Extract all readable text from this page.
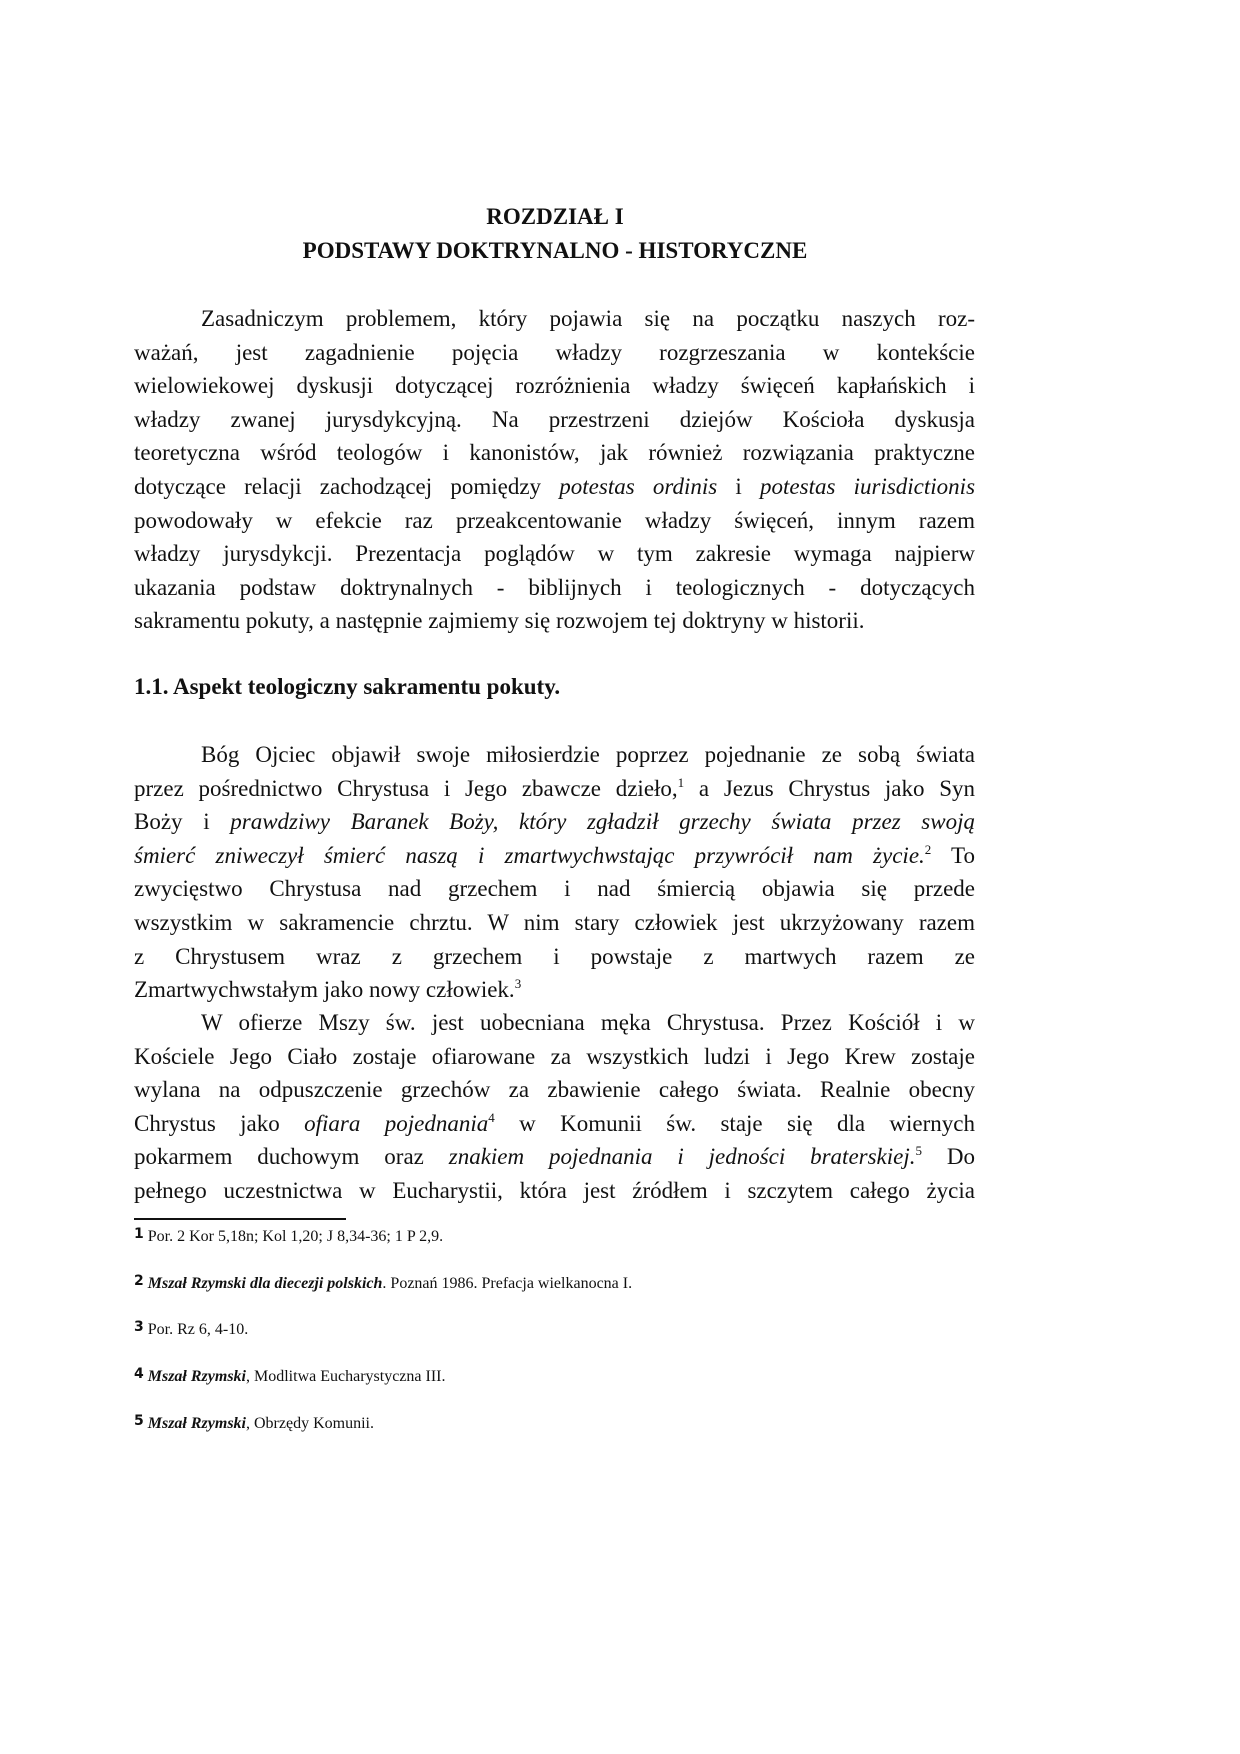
ROZDZIAŁ I
PODSTAWY DOKTRYNALNO - HISTORYCZNE
Zasadniczym problemem, który pojawia się na początku naszych roz-
ważań, jest zagadnienie pojęcia władzy rozgrzeszania w kontekście
wielowiekowej dyskusji dotyczącej rozróżnienia władzy święceń kapłańskich i
władzy zwanej jurysdykcyjną. Na przestrzeni dziejów Kościoła dyskusja
teoretyczna wśród teologów i kanonistów, jak również rozwiązania praktyczne
dotyczące relacji zachodzącej pomiędzy potestas ordinis i potestas iurisdictionis
powodowały w efekcie raz przeakcentowanie władzy święceń, innym razem
władzy jurysdykcji. Prezentacja poglądów w tym zakresie wymaga najpierw
ukazania podstaw doktrynalnych - biblijnych i teologicznych - dotyczących
sakramentu pokuty, a następnie zajmiemy się rozwojem tej doktryny w historii.
1.1. Aspekt teologiczny sakramentu pokuty.
Bóg Ojciec objawił swoje miłosierdzie poprzez pojednanie ze sobą świata
przez pośrednictwo Chrystusa i Jego zbawcze dzieło,$^1$ a Jezus Chrystus jako Syn
Boży i prawdziwy Baranek Boży, który zgładził grzechy świata przez swoją
śmierć zniweczył śmierć naszą i zmartwychwstając przywrócił nam życie.$^2$ To
zwycięstwo Chrystusa nad grzechem i nad śmiercią objawia się przede
wszystkim w sakramencie chrztu. W nim stary człowiek jest ukrzyżowany razem
z Chrystusem wraz z grzechem i powstaje z martwych razem ze
Zmartwychwstałym jako nowy człowiek.$^3$
W ofierze Mszy św. jest uobecniana męka Chrystusa. Przez Kościół i w
Kościele Jego Ciało zostaje ofiarowane za wszystkich ludzi i Jego Krew zostaje
wylana na odpuszczenie grzechów za zbawienie całego świata. Realnie obecny
Chrystus jako ofiara pojednania$^4$ w Komunii św. staje się dla wiernych
pokarmem duchowym oraz znakiem pojednania i jedności braterskiej.$^5$ Do
pełnego uczestnictwa w Eucharystii, która jest źródłem i szczytem całego życia
1 Por. 2 Kor 5,18n; Kol 1,20; J 8,34-36; 1 P 2,9.
2 Mszał Rzymski dla diecezji polskich. Poznań 1986. Prefacja wielkanocna I.
3 Por. Rz 6, 4-10.
4 Mszał Rzymski, Modlitwa Eucharystyczna III.
5 Mszał Rzymski, Obrzędy Komunii.
